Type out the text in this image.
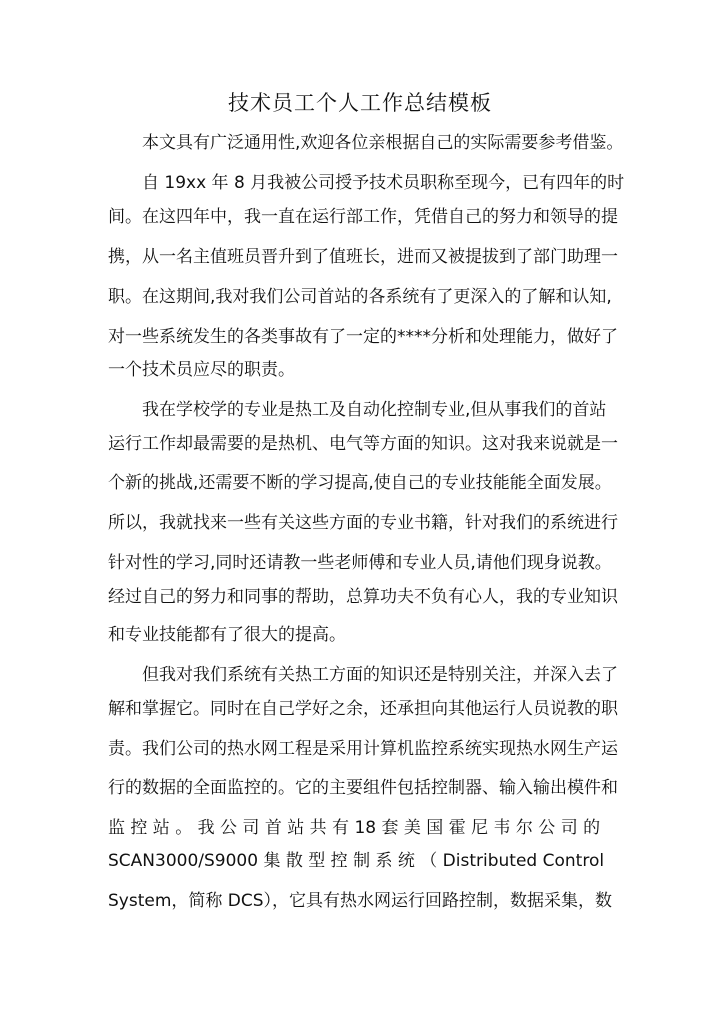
技术员工个人工作总结模板
本文具有广泛通用性,欢迎各位亲根据自己的实际需要参考借鉴。
自 19xx 年 8 月我被公司授予技术员职称至现今，已有四年的时
间。在这四年中，我一直在运行部工作，凭借自己的努力和领导的提
携，从一名主值班员晋升到了值班长，进而又被提拔到了部门助理一
职。在这期间,我对我们公司首站的各系统有了更深入的了解和认知,
对一些系统发生的各类事故有了一定的****分析和处理能力，做好了
一个技术员应尽的职责。
我在学校学的专业是热工及自动化控制专业,但从事我们的首站
运行工作却最需要的是热机、电气等方面的知识。这对我来说就是一
个新的挑战,还需要不断的学习提高,使自己的专业技能能全面发展。
所以，我就找来一些有关这些方面的专业书籍，针对我们的系统进行
针对性的学习,同时还请教一些老师傅和专业人员,请他们现身说教。
经过自己的努力和同事的帮助，总算功夫不负有心人，我的专业知识
和专业技能都有了很大的提高。
但我对我们系统有关热工方面的知识还是特别关注，并深入去了
解和掌握它。同时在自己学好之余，还承担向其他运行人员说教的职
责。我们公司的热水网工程是采用计算机监控系统实现热水网生产运
行的数据的全面监控的。它的主要组件包括控制器、输入输出模件和
监 控 站 。 我 公 司 首 站 共 有 18 套 美 国 霍 尼 韦 尔 公 司 的
SCAN3000/S9000 集 散 型 控 制 系 统 （ Distributed Control
System，简称 DCS），它具有热水网运行回路控制，数据采集，数
